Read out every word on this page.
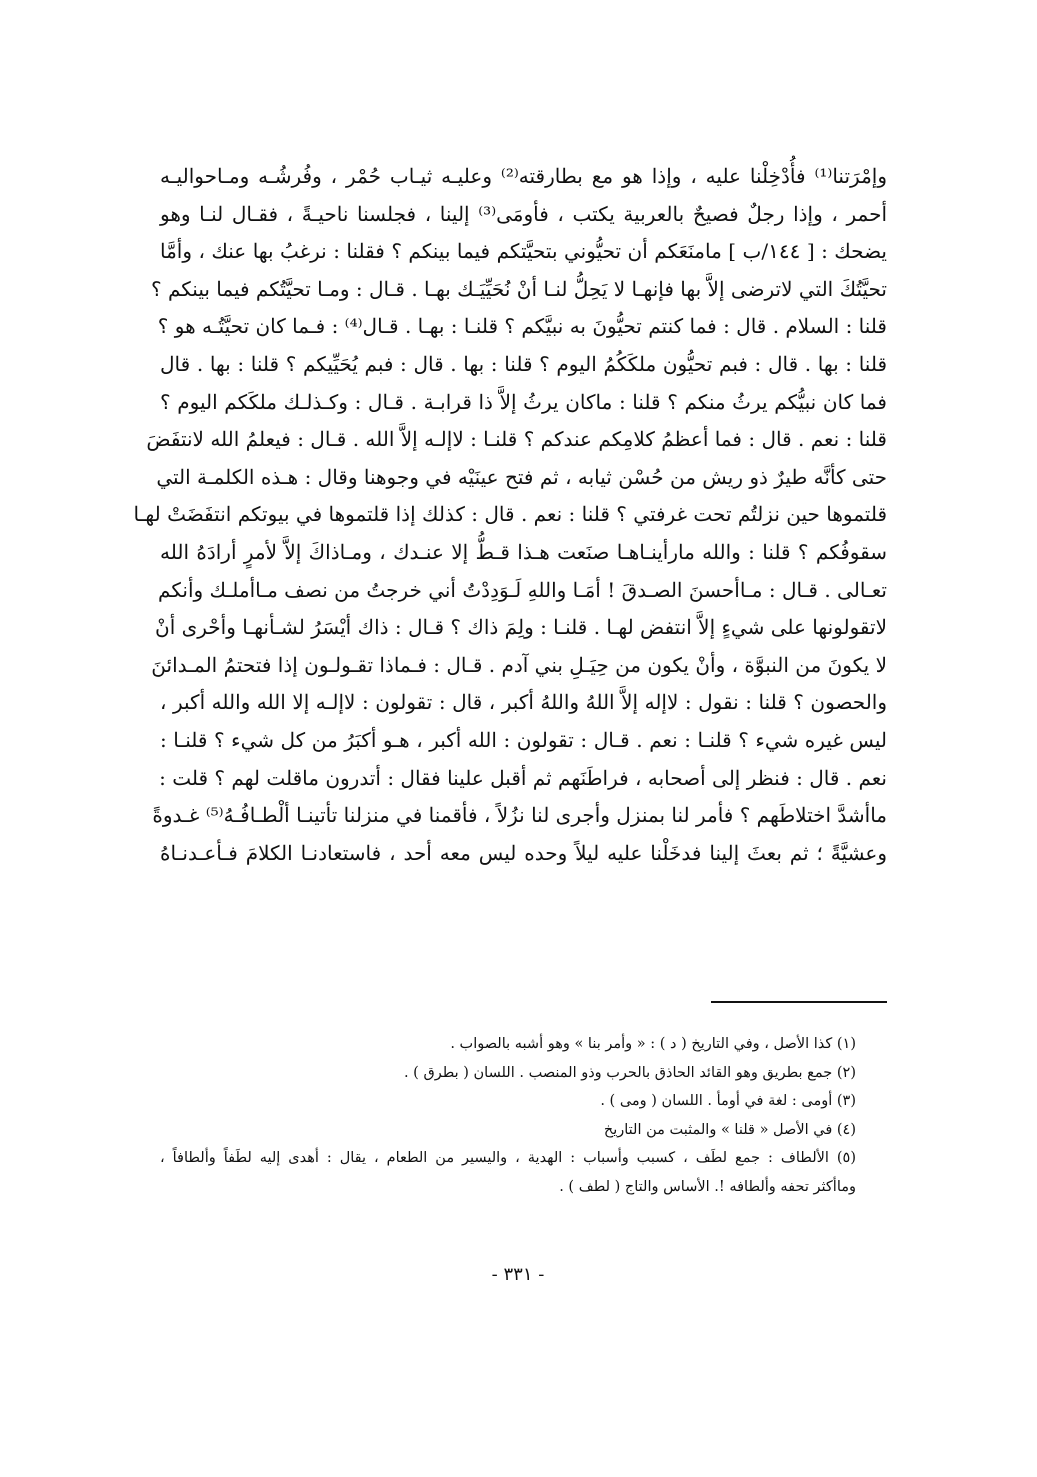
وإمْرَتنا⁽¹⁾ فأُدْخِلْنا عليه ، وإذا هو مع بطارقته⁽²⁾ وعليـه ثيـاب حُمْر ، وفُرشُـه ومـاحواليـه
أحمر ، وإذا رجلٌ فصيحٌ بالعربية يكتب ، فأومَى⁽³⁾ إلينا ، فجلسنا ناحيـةً ، فقـال لنـا وهو
يضحك : [ ١٤٤/ب ] مامنَعَكم أن تحيُّوني بتحيَّتكم فيما بينكم ؟ فقلنا : نرغبُ بها عنك ، وأمَّا
تحيَّتُكَ التي لاترضى إلاَّ بها فإنهـا لا يَحِلُّ لنـا أنْ نُحَيِّيَـك بهـا . قـال : ومـا تحيَّتُكم فيما بينكم ؟
قلنا : السلام . قال : فما كنتم تحيُّونَ به نبيَّكم ؟ قلنـا : بهـا . قـال⁽⁴⁾ : فـما كان تحيَّتُـه هو ؟
قلنا : بها . قال : فبم تحيُّون ملكَكُمُ اليوم ؟ قلنا : بها . قال : فبم يُحَيِّيكم ؟ قلنا : بها . قال
فما كان نبيُّكم يرثُ منكم ؟ قلنا : ماكان يرثُ إلاَّ ذا قرابـة . قـال : وكـذلـك ملكَكم اليوم ؟
قلنا : نعم . قال : فما أعظمُ كلامِكم عندكم ؟ قلنـا : لاإلـه إلاَّ الله . قـال : فيعلمُ الله لانتفَضَ
حتى كأنَّه طيرٌ ذو ريش من حُسْن ثيابه ، ثم فتح عينَيْه في وجوهنا وقال : هـذه الكلمـة التي
قلتموها حين نزلتُم تحت غرفتي ؟ قلنا : نعم . قال : كذلك إذا قلتموها في بيوتكم انتفَضَتْ لهـا
سقوفُكم ؟ قلنا : والله مارأينـاهـا صنَعت هـذا قـطُّ إلا عنـدك ، ومـاذاكَ إلاَّ لأمرٍ أرادَهُ الله
تعـالى . قـال : مـاأحسنَ الصـدقَ ! أمَـا واللهِ لَـوَدِدْتُ أني خرجتُ من نصف مـاأملـك وأنكم
لاتقولونها على شيءٍ إلاَّ انتفض لهـا . قلنـا : ولِمَ ذاك ؟ قـال : ذاك أيْسَرُ لشـأنهـا وأحْرى أنْ
لا يكونَ من النبوَّة ، وأنْ يكون من حِيَـلِ بني آدم . قـال : فـماذا تقـولـون إذا فتحتمُ المـدائنَ
والحصون ؟ قلنا : نقول : لاإله إلاَّ اللهُ واللهُ أكبر ، قال : تقولون : لاإلـه إلا الله والله أكبر ،
ليس غيره شيء ؟ قلنـا : نعم . قـال : تقولون : الله أكبر ، هـو أكبَرُ من كل شيء ؟ قلنـا :
نعم . قال : فنظر إلى أصحابه ، فراطَنَهم ثم أقبل علينا فقال : أتدرون ماقلت لهم ؟ قلت :
ماأشدَّ اختلاطَهم ؟ فأمر لنا بمنزل وأجرى لنا نزُلاً ، فأقمنا في منزلنا تأتينـا ألْطـافُـهُ⁽⁵⁾ غـدوةً
وعشيَّةً ؛ ثم بعثَ إلينا فدخَلْنا عليه ليلاً وحده ليس معه أحد ، فاستعادنـا الكلامَ فـأعـدنـاهُ
(١) كذا الأصل ، وفي التاريخ ( د ) : « وأمر بنا » وهو أشبه بالصواب .
(٢) جمع بطريق وهو القائد الحاذق بالحرب وذو المنصب . اللسان ( بطرق ) .
(٣) أومى : لغة في أومأ . اللسان ( ومى ) .
(٤) في الأصل « قلنا » والمثبت من التاريخ
(٥) الألطاف : جمع لطَف ، كسبب وأسباب : الهدية ، واليسير من الطعام ، يقال : أهدى إليه لطَفاً وألطافاً ،
وماأكثر تحفه وألطافه !. الأساس والتاج ( لطف ) .
- ٣٣١ -
